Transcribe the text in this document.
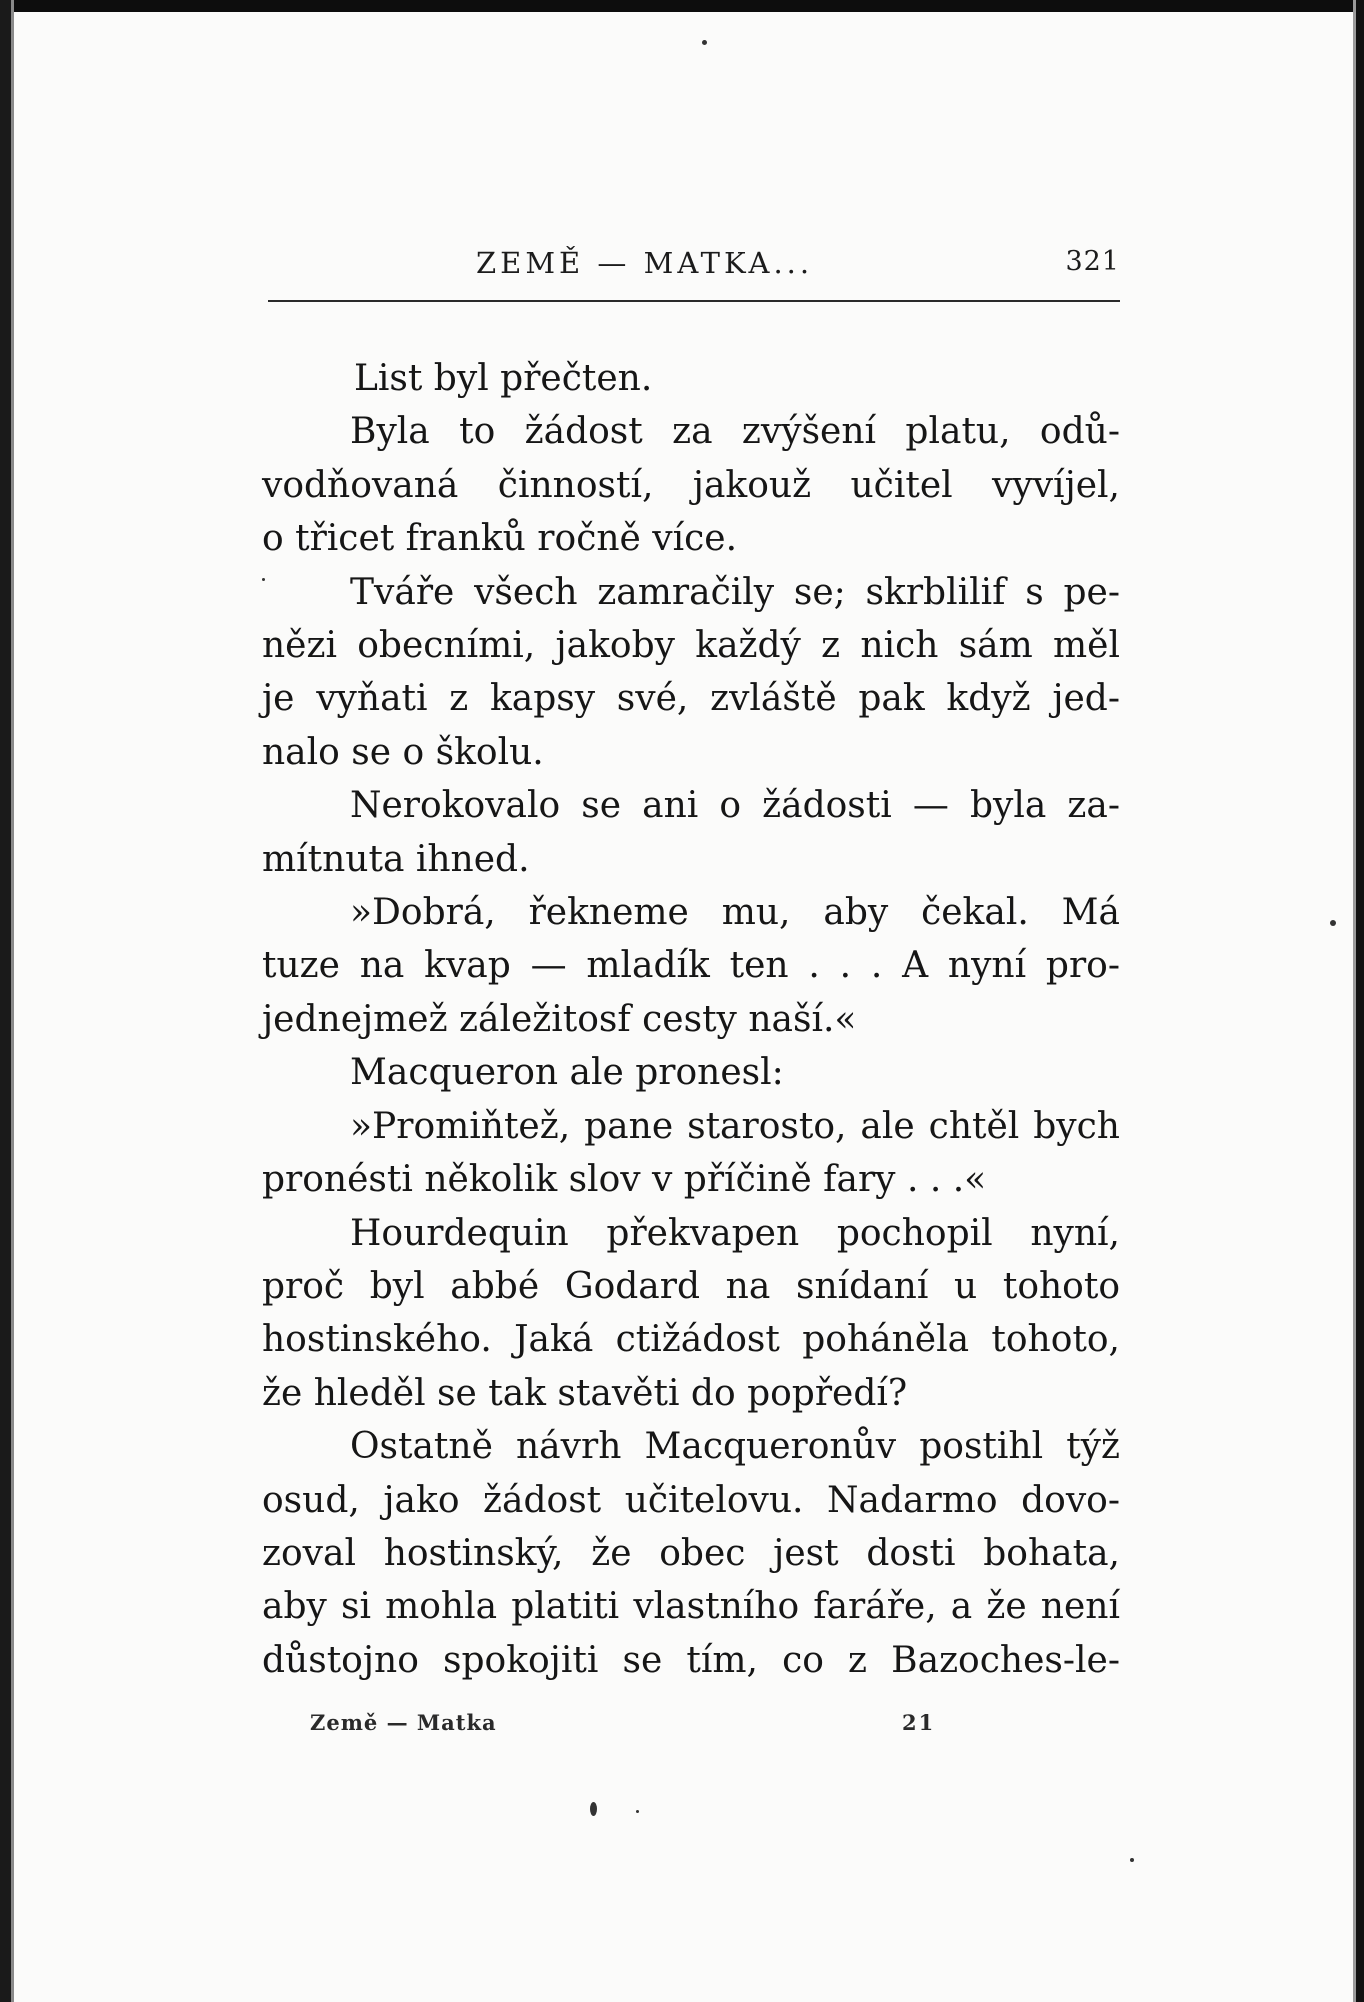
ZEMĚ — MATKA...	321
List byl přečten.
Byla to žádost za zvýšení platu, odů-
vodňovaná činností, jakouž učitel vyvíjel,
o třicet franků ročně více.
Tváře všech zamračily se; skrblilif s pe-
nězi obecními, jakoby každý z nich sám měl
je vyňati z kapsy své, zvláště pak když jed-
nalo se o školu.
Nerokovalo se ani o žádosti — byla za-
mítnuta ihned.
»Dobrá, řekneme mu, aby čekal. Má
tuze na kvap — mladík ten . . . A nyní pro-
jednejmež záležitosf cesty naší.«
Macqueron ale pronesl:
»Promiňtež, pane starosto, ale chtěl bych
pronésti několik slov v příčině fary . . .«
Hourdequin překvapen pochopil nyní,
proč byl abbé Godard na snídaní u tohoto
hostinského. Jaká ctižádost poháněla tohoto,
že hleděl se tak stavěti do popředí?
Ostatně návrh Macqueronův postihl týž
osud, jako žádost učitelovu. Nadarmo dovo-
zoval hostinský, že obec jest dosti bohata,
aby si mohla platiti vlastního faráře, a že není
důstojno spokojiti se tím, co z Bazoches-le-
Země — Matka	21
